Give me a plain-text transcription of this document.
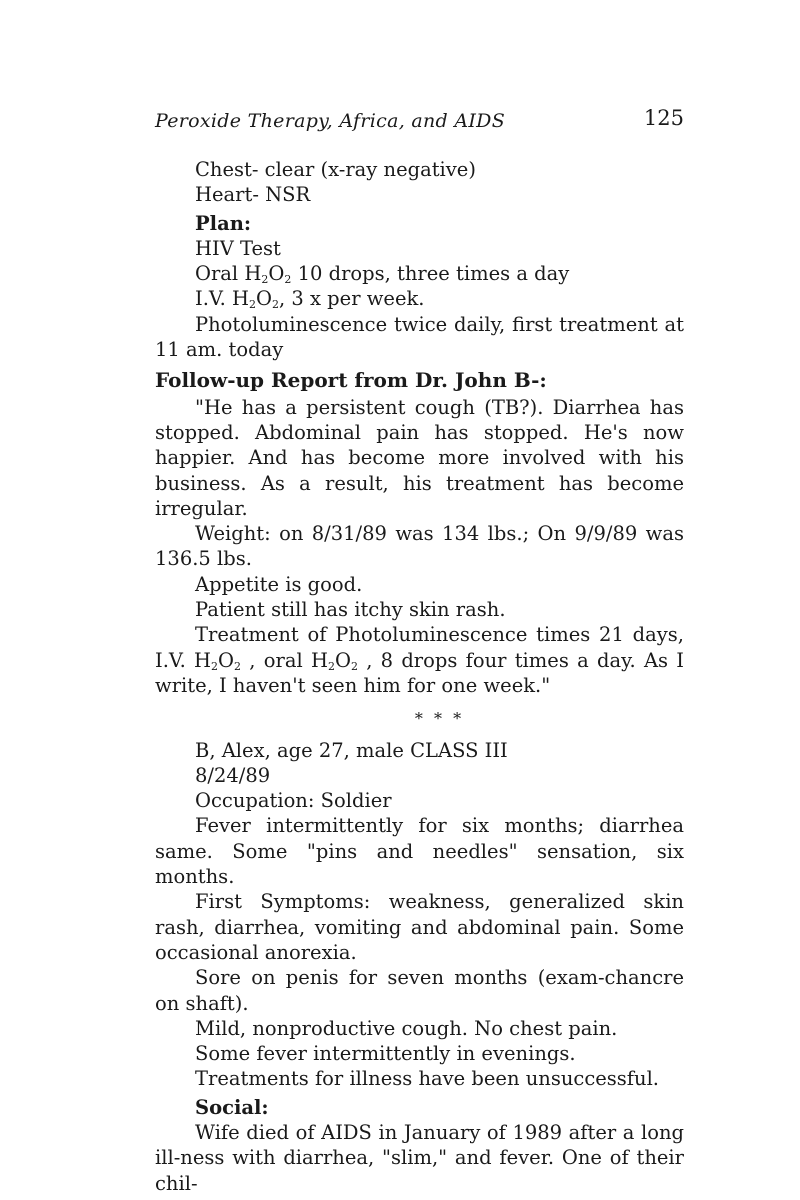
Peroxide Therapy, Africa, and AIDS	125
Chest- clear (x-ray negative)
Heart- NSR
Plan:
HIV Test
Oral $H_2O_2$ 10 drops, three times a day
I.V. $H_2O_2$, 3 x per week.
Photoluminescence twice daily, first treatment at 11 am. today
Follow-up Report from Dr. John B-:
"He has a persistent cough (TB?). Diarrhea has stopped. Abdominal pain has stopped. He's now happier. And has become more involved with his business. As a result, his treatment has become irregular.
Weight: on 8/31/89 was 134 lbs.; On 9/9/89 was 136.5 lbs.
Appetite is good.
Patient still has itchy skin rash.
Treatment of Photoluminescence times 21 days, I.V. $H_2O_2$ , oral $H_2O_2$ , 8 drops four times a day. As I write, I haven't seen him for one week."
* * *
B, Alex, age 27, male CLASS III
8/24/89
Occupation: Soldier
Fever intermittently for six months; diarrhea same. Some "pins and needles" sensation, six months.
First Symptoms: weakness, generalized skin rash, diarrhea, vomiting and abdominal pain. Some occasional anorexia.
Sore on penis for seven months (exam-chancre on shaft).
Mild, nonproductive cough. No chest pain.
Some fever intermittently in evenings.
Treatments for illness have been unsuccessful.
Social:
Wife died of AIDS in January of 1989 after a long ill-ness with diarrhea, "slim," and fever. One of their chil-
